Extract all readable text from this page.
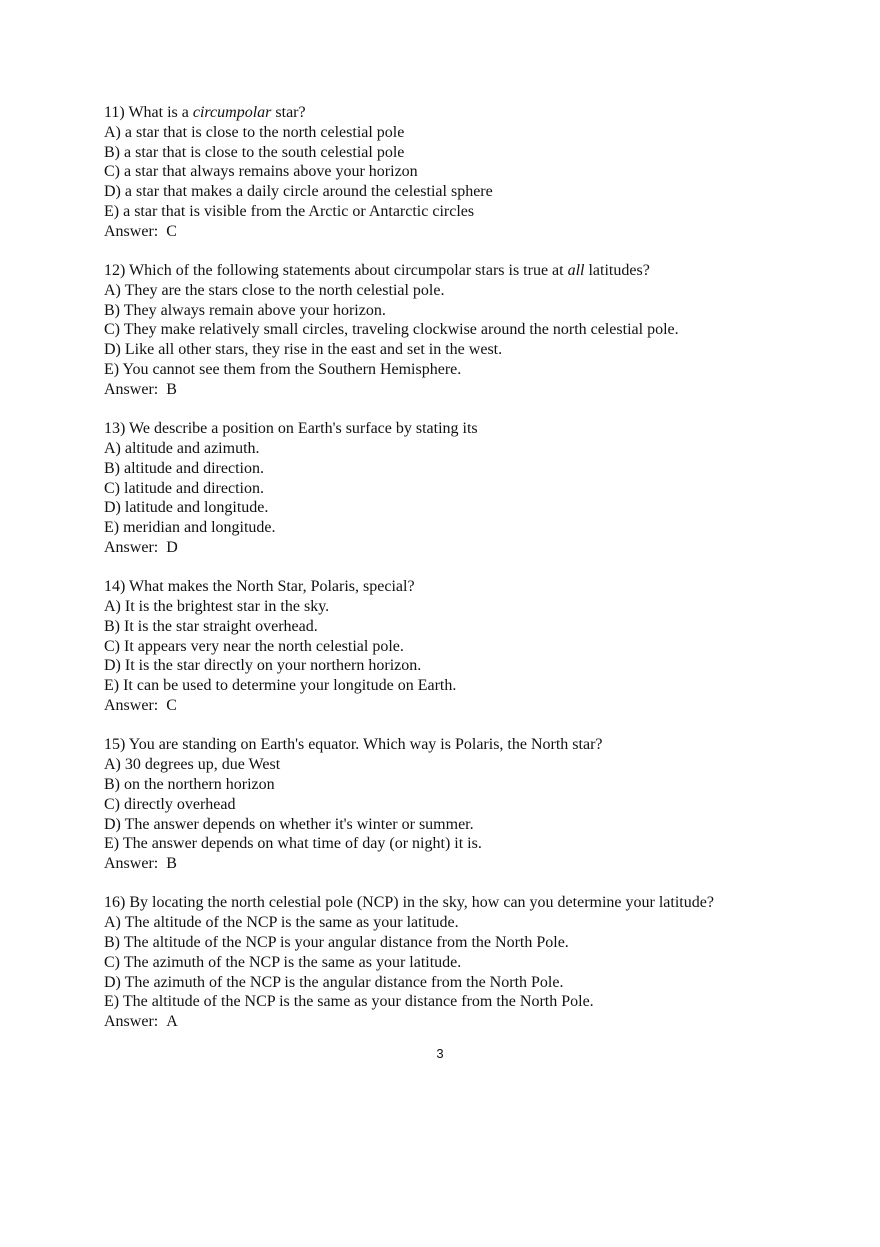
11) What is a circumpolar star?
A) a star that is close to the north celestial pole
B) a star that is close to the south celestial pole
C) a star that always remains above your horizon
D) a star that makes a daily circle around the celestial sphere
E) a star that is visible from the Arctic or Antarctic circles
Answer: C
12) Which of the following statements about circumpolar stars is true at all latitudes?
A) They are the stars close to the north celestial pole.
B) They always remain above your horizon.
C) They make relatively small circles, traveling clockwise around the north celestial pole.
D) Like all other stars, they rise in the east and set in the west.
E) You cannot see them from the Southern Hemisphere.
Answer: B
13) We describe a position on Earth's surface by stating its
A) altitude and azimuth.
B) altitude and direction.
C) latitude and direction.
D) latitude and longitude.
E) meridian and longitude.
Answer: D
14) What makes the North Star, Polaris, special?
A) It is the brightest star in the sky.
B) It is the star straight overhead.
C) It appears very near the north celestial pole.
D) It is the star directly on your northern horizon.
E) It can be used to determine your longitude on Earth.
Answer: C
15) You are standing on Earth's equator. Which way is Polaris, the North star?
A) 30 degrees up, due West
B) on the northern horizon
C) directly overhead
D) The answer depends on whether it's winter or summer.
E) The answer depends on what time of day (or night) it is.
Answer: B
16) By locating the north celestial pole (NCP) in the sky, how can you determine your latitude?
A) The altitude of the NCP is the same as your latitude.
B) The altitude of the NCP is your angular distance from the North Pole.
C) The azimuth of the NCP is the same as your latitude.
D) The azimuth of the NCP is the angular distance from the North Pole.
E) The altitude of the NCP is the same as your distance from the North Pole.
Answer: A
3
